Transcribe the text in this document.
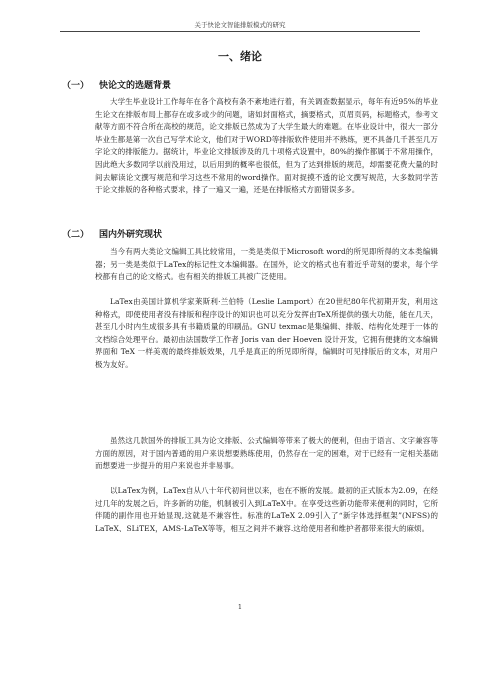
关于快论文智能排版模式的研究
一、绪论
（一） 快论文的选题背景

大学生毕业设计工作每年在各个高校有条不紊地进行着，有关调查数据显示，每年有近95%的毕业生论文在排版布局上都存在或多或少的问题，诸如封面格式，摘要格式，页眉页码，标题格式，参考文献等方面不符合所在高校的规范，论文排版已然成为了大学生最大的难题。在毕业设计中，很大一部分毕业生都是第一次自己写学术论文，他们对于WORD等排版软件使用并不熟练，更不具备几千甚至几万字论文的排版能力。据统计，毕业论文排版涉及的几十项格式设置中，80%的操作都属于不常用操作，因此绝大多数同学以前没用过，以后用到的概率也很低，但为了达到排版的规范，却需要花费大量的时间去解读论文撰写规范和学习这些不常用的word操作。面对捉摸不透的论文撰写规范，大多数同学苦于论文排版的各种格式要求，排了一遍又一遍，还是在排版格式方面错误多多。

（二） 国内外研究现状

当今有两大类论文编辑工具比较常用，一类是类似于Microsoft word的所见即所得的文本类编辑器；另一类是类似于LaTex的标记性文本编辑器。在国外，论文的格式也有着近乎苛刻的要求，每个学校都有自己的论文格式。也有相关的排版工具被广泛使用。

LaTex由美国计算机学家莱斯利·兰伯特（Leslie Lamport）在20世纪80年代初期开发，利用这种格式，即使使用者没有排版和程序设计的知识也可以充分发挥由TeX所提供的强大功能，能在几天，甚至几小时内生成很多具有书籍质量的印刷品。GNU texmac是集编辑、排版、结构化处理于一体的文档综合处理平台。最初由法国数学工作者 Joris van der Hoeven 设计开发，它拥有便捷的文本编辑界面和 TeX 一样美观的最终排版效果，几乎是真正的所见即所得，编辑时可见排版后的文本，对用户极为友好。

虽然这几款国外的排版工具为论文排版、公式编辑等带来了极大的便利，但由于语言、文字兼容等方面的原因，对于国内普通的用户来说想要熟练使用，仍然存在一定的困难，对于已经有一定相关基础而想要进一步提升的用户来说也并非易事。

以LaTex为例，LaTex自从八十年代初问世以来，也在不断的发展。最初的正式版本为2.09，在经过几年的发展之后，许多新的功能，机制被引入到LaTeX中。在享受这些新功能带来便利的同时，它所伴随的副作用也开始显现,这就是不兼容性。标准的LaTeX 2.09引入了“新字体选择框架”(NFSS)的LaTeX、SLiTEX，AMS-LaTeX等等，相互之间并不兼容.这给使用者和维护者都带来很大的麻烦。

1
